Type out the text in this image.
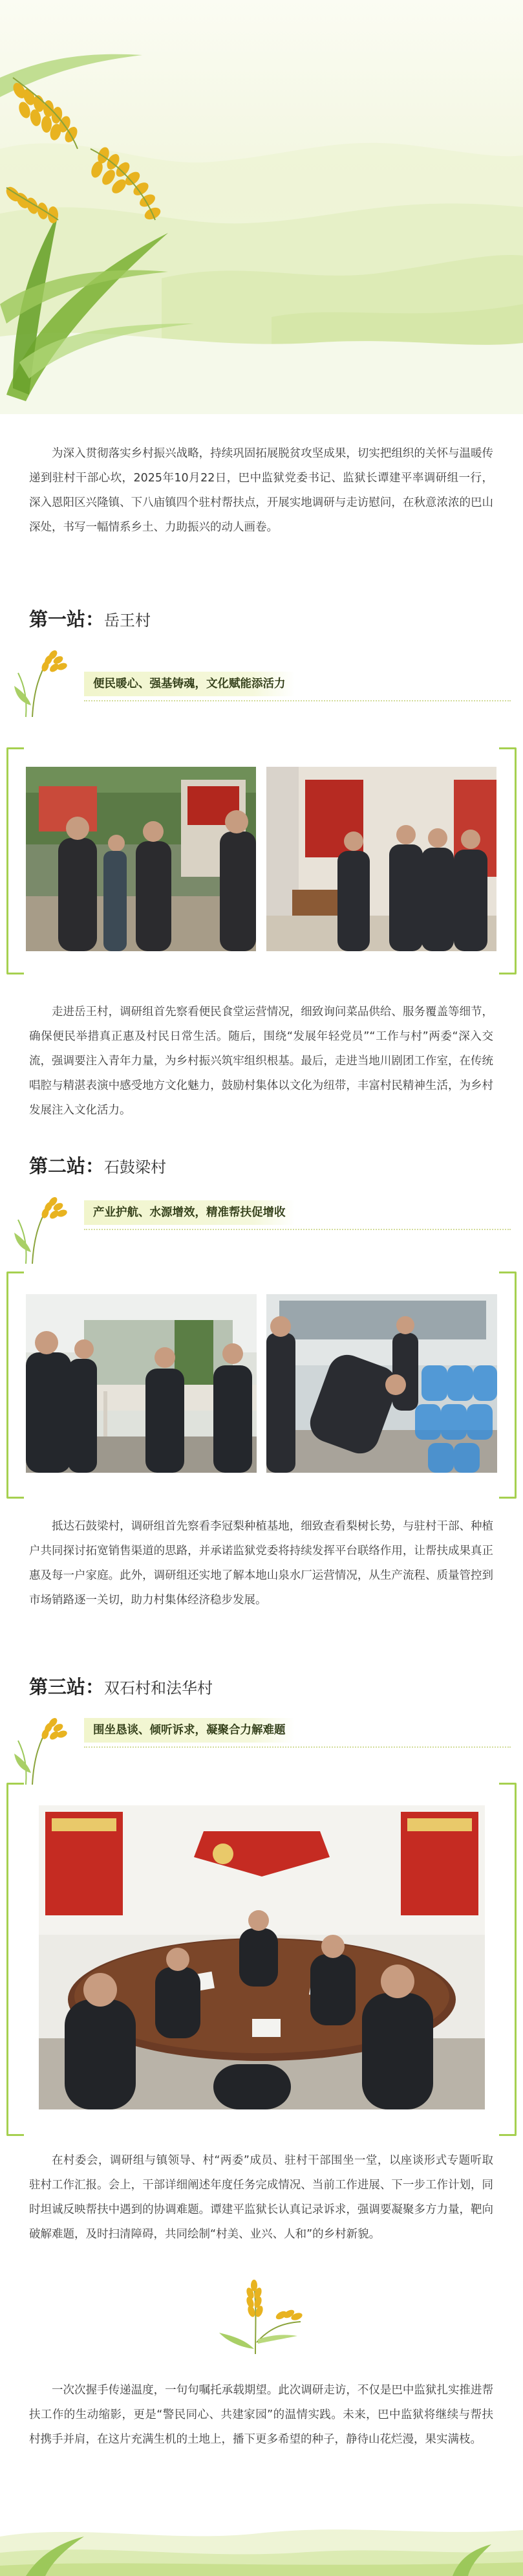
为深入贯彻落实乡村振兴战略，持续巩固拓展脱贫攻坚成果，切实把组织的关怀与温暖传递到驻村干部心坎，2025年10月22日，巴中监狱党委书记、监狱长谭建平率调研组一行，深入恩阳区兴隆镇、下八庙镇四个驻村帮扶点，开展实地调研与走访慰问，在秋意浓浓的巴山深处，书写一幅情系乡土、力助振兴的动人画卷。

第一站：岳王村
便民暖心、强基铸魂，文化赋能添活力

走进岳王村，调研组首先察看便民食堂运营情况，细致询问菜品供给、服务覆盖等细节，确保便民举措真正惠及村民日常生活。随后，围绕“发展年轻党员”“工作与村”两委“深入交流，强调要注入青年力量，为乡村振兴筑牢组织根基。最后，走进当地川剧团工作室，在传统唱腔与精湛表演中感受地方文化魅力，鼓励村集体以文化为纽带，丰富村民精神生活，为乡村发展注入文化活力。

第二站：石鼓梁村
产业护航、水源增效，精准帮扶促增收

抵达石鼓梁村，调研组首先察看李冠梨种植基地，细致查看梨树长势，与驻村干部、种植户共同探讨拓宽销售渠道的思路，并承诺监狱党委将持续发挥平台联络作用，让帮扶成果真正惠及每一户家庭。此外，调研组还实地了解本地山泉水厂运营情况，从生产流程、质量管控到市场销路逐一关切，助力村集体经济稳步发展。

第三站：双石村和法华村
围坐恳谈、倾听诉求，凝聚合力解难题

在村委会，调研组与镇领导、村“两委”成员、驻村干部围坐一堂，以座谈形式专题听取驻村工作汇报。会上，干部详细阐述年度任务完成情况、当前工作进展、下一步工作计划，同时坦诚反映帮扶中遇到的协调难题。谭建平监狱长认真记录诉求，强调要凝聚多方力量，靶向破解难题，及时扫清障碍，共同绘制“村美、业兴、人和”的乡村新貌。

一次次握手传递温度，一句句嘱托承载期望。此次调研走访，不仅是巴中监狱扎实推进帮扶工作的生动缩影，更是“警民同心、共建家园”的温情实践。未来，巴中监狱将继续与帮扶村携手并肩，在这片充满生机的土地上，播下更多希望的种子，静待山花烂漫，果实满枝。
